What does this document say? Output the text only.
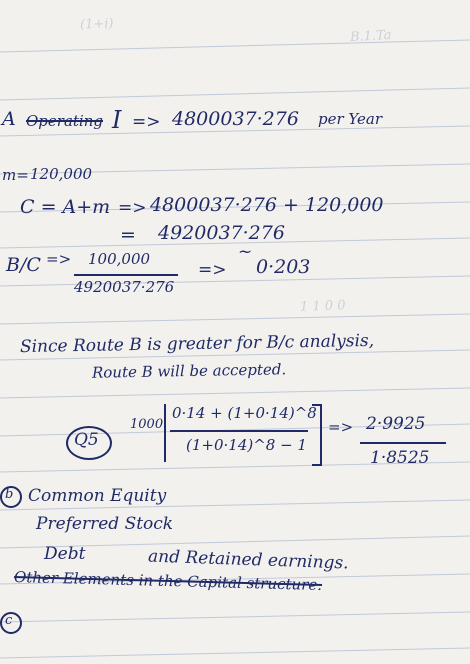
(1+i)
B.1.Ta
1 1 0 0
A Operating I => 4800037·276 per Year
m= 120,000
C = A+m => 4800037·276 + 120,000
= 4920037·276
B/C => 100,000
4920037·276
=>
~
0·203
Since Route B is greater for B/c analysis,
Route B will be accepted.
Q5
1000
0·14 + (1+0·14)^8
(1+0·14)^8 − 1
=> 2·9925
1·8525
b Common Equity
Preferred Stock
Debt	and Retained earnings.
Other Elements in the Capital structure.
c
